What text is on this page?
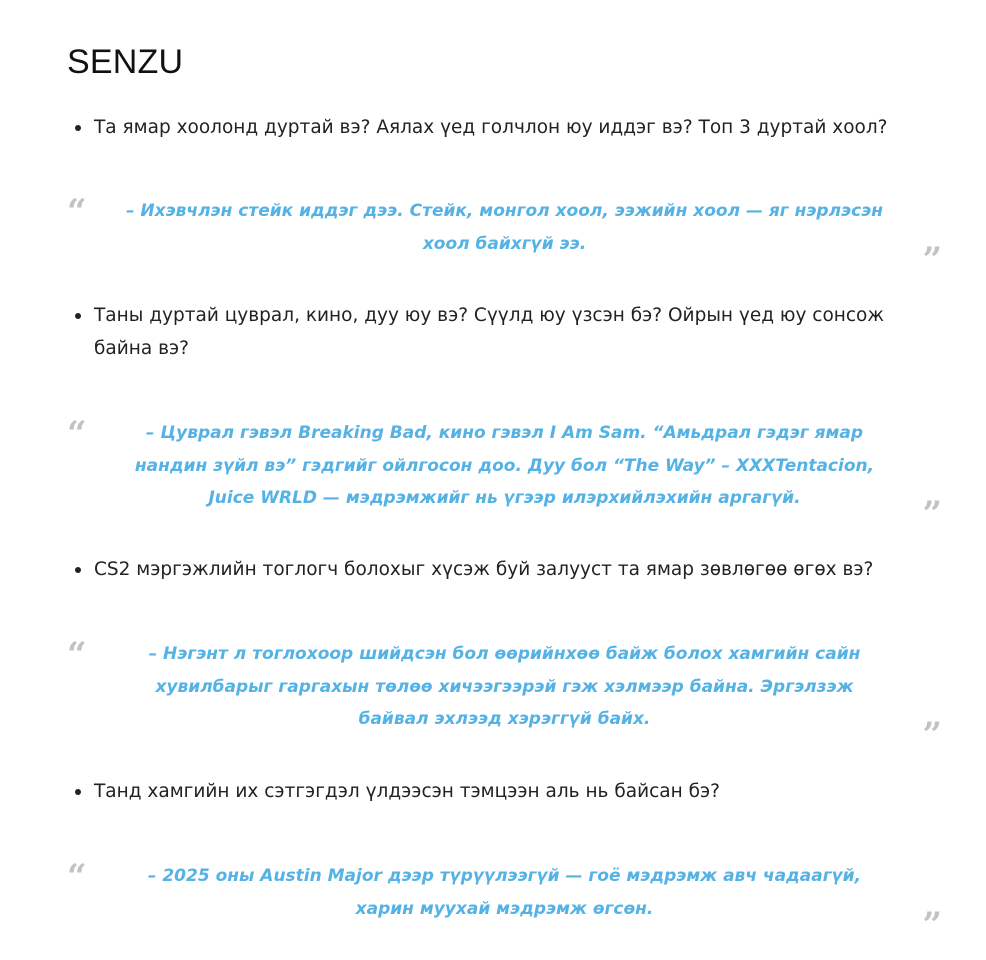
SENZU

Та ямар хоолонд дуртай вэ? Аялах үед голчлон юу иддэг вэ? Топ 3 дуртай хоол?

“ – Ихэвчлэн стейк иддэг дээ. Стейк, монгол хоол, ээжийн хоол — яг нэрлэсэн хоол байхгүй ээ.	”

Таны дуртай цуврал, кино, дуу юу вэ? Сүүлд юу үзсэн бэ? Ойрын үед юу сонсож байна вэ?

“	– Цуврал гэвэл Breaking Bad, кино гэвэл I Am Sam. “Амьдрал гэдэг ямар нандин зүйл вэ” гэдгийг ойлгосон доо. Дуу бол “The Way” – XXXTentacion, Juice WRLD — мэдрэмжийг нь үгээр илэрхийлэхийн аргагүй.	”

CS2 мэргэжлийн тоглогч болохыг хүсэж буй залууст та ямар зөвлөгөө өгөх вэ?

“	– Нэгэнт л тоглохоор шийдсэн бол өөрийнхөө байж болох хамгийн сайн хувилбарыг гаргахын төлөө хичээгээрэй гэж хэлмээр байна. Эргэлзэж байвал эхлээд хэрэггүй байх.	”

Танд хамгийн их сэтгэгдэл үлдээсэн тэмцээн аль нь байсан бэ?

“	– 2025 оны Austin Major дээр түрүүлээгүй — гоё мэдрэмж авч чадаагүй, харин муухай мэдрэмж өгсөн.	”
